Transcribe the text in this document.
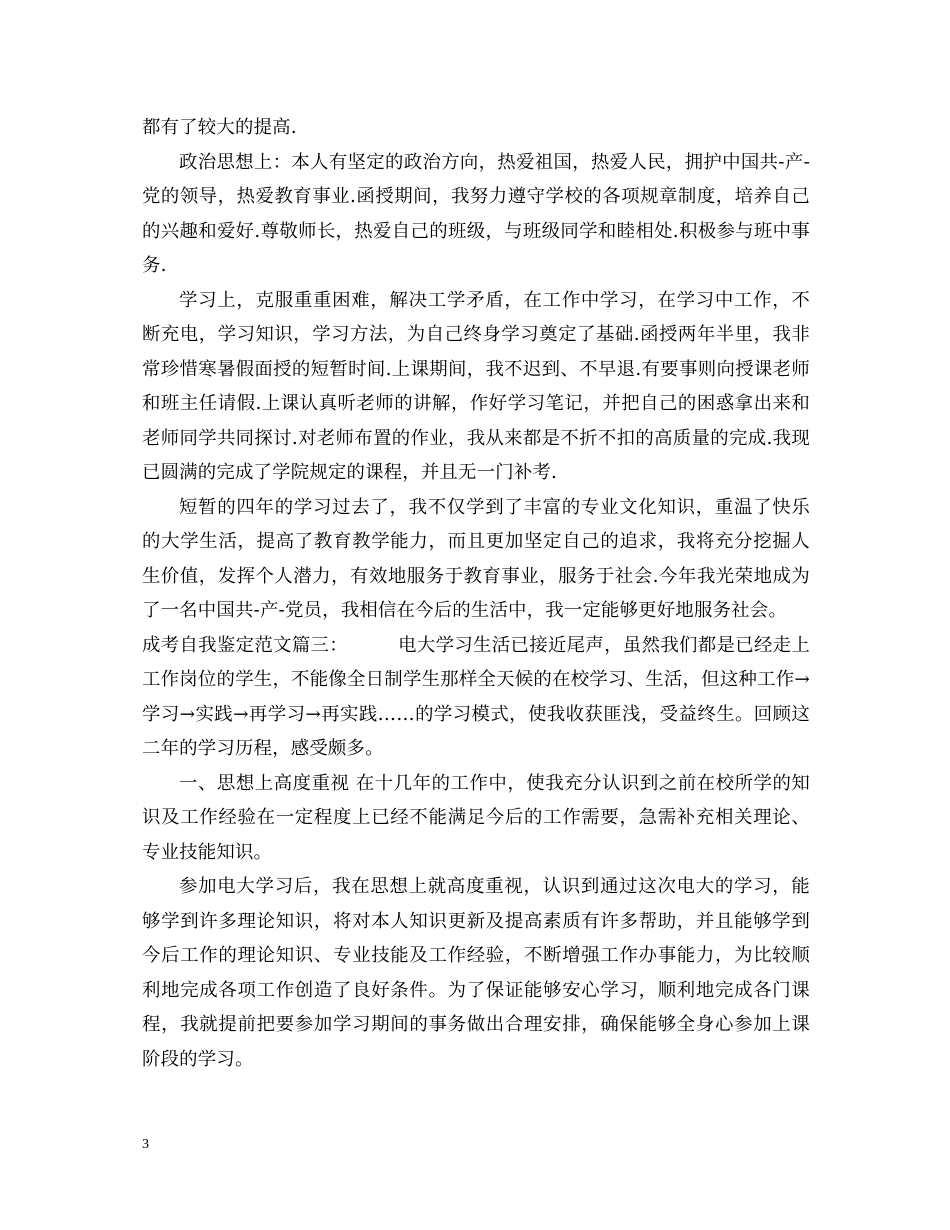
都有了较大的提高.

政治思想上：本人有坚定的政治方向，热爱祖国，热爱人民，拥护中国共-产-党的领导，热爱教育事业.函授期间，我努力遵守学校的各项规章制度，培养自己的兴趣和爱好.尊敬师长，热爱自己的班级，与班级同学和睦相处.积极参与班中事务.

学习上，克服重重困难，解决工学矛盾，在工作中学习，在学习中工作，不断充电，学习知识，学习方法，为自己终身学习奠定了基础.函授两年半里，我非常珍惜寒暑假面授的短暂时间.上课期间，我不迟到、不早退.有要事则向授课老师和班主任请假.上课认真听老师的讲解，作好学习笔记，并把自己的困惑拿出来和老师同学共同探讨.对老师布置的作业，我从来都是不折不扣的高质量的完成.我现已圆满的完成了学院规定的课程，并且无一门补考.

短暂的四年的学习过去了，我不仅学到了丰富的专业文化知识，重温了快乐的大学生活，提高了教育教学能力，而且更加坚定自己的追求，我将充分挖掘人生价值，发挥个人潜力，有效地服务于教育事业，服务于社会.今年我光荣地成为了一名中国共-产-党员，我相信在今后的生活中，我一定能够更好地服务社会。

成考自我鉴定范文篇三：	电大学习生活已接近尾声，虽然我们都是已经走上工作岗位的学生，不能像全日制学生那样全天候的在校学习、生活，但这种工作→学习→实践→再学习→再实践……的学习模式，使我收获匪浅，受益终生。回顾这二年的学习历程，感受颇多。

一、思想上高度重视 在十几年的工作中，使我充分认识到之前在校所学的知识及工作经验在一定程度上已经不能满足今后的工作需要，急需补充相关理论、专业技能知识。

参加电大学习后，我在思想上就高度重视，认识到通过这次电大的学习，能够学到许多理论知识，将对本人知识更新及提高素质有许多帮助，并且能够学到今后工作的理论知识、专业技能及工作经验，不断增强工作办事能力，为比较顺利地完成各项工作创造了良好条件。为了保证能够安心学习，顺利地完成各门课程，我就提前把要参加学习期间的事务做出合理安排，确保能够全身心参加上课阶段的学习。

3
